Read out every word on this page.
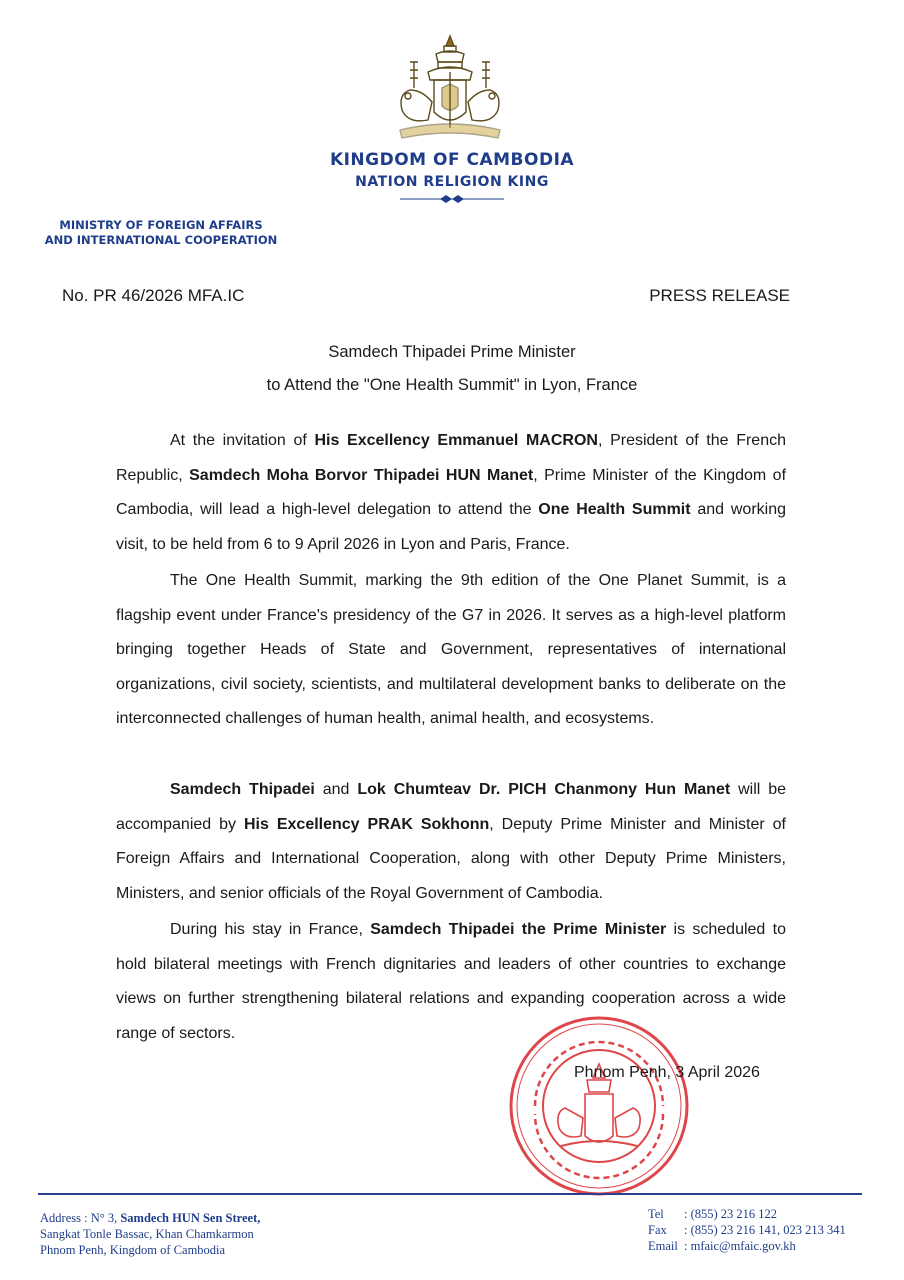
KINGDOM OF CAMBODIA
NATION RELIGION KING
MINISTRY OF FOREIGN AFFAIRS
AND INTERNATIONAL COOPERATION
No. PR 46/2026 MFA.IC	PRESS RELEASE
Samdech Thipadei Prime Minister
to Attend the "One Health Summit" in Lyon, France
At the invitation of His Excellency Emmanuel MACRON, President of the French Republic, Samdech Moha Borvor Thipadei HUN Manet, Prime Minister of the Kingdom of Cambodia, will lead a high-level delegation to attend the One Health Summit and working visit, to be held from 6 to 9 April 2026 in Lyon and Paris, France.
The One Health Summit, marking the 9th edition of the One Planet Summit, is a flagship event under France's presidency of the G7 in 2026. It serves as a high-level platform bringing together Heads of State and Government, representatives of international organizations, civil society, scientists, and multilateral development banks to deliberate on the interconnected challenges of human health, animal health, and ecosystems.
Samdech Thipadei and Lok Chumteav Dr. PICH Chanmony Hun Manet will be accompanied by His Excellency PRAK Sokhonn, Deputy Prime Minister and Minister of Foreign Affairs and International Cooperation, along with other Deputy Prime Ministers, Ministers, and senior officials of the Royal Government of Cambodia.
During his stay in France, Samdech Thipadei the Prime Minister is scheduled to hold bilateral meetings with French dignitaries and leaders of other countries to exchange views on further strengthening bilateral relations and expanding cooperation across a wide range of sectors.
Phnom Penh, 3 April 2026
Address : N° 3, Samdech HUN Sen Street,
Sangkat Tonle Bassac, Khan Chamkarmon
Phnom Penh, Kingdom of Cambodia
Tel	: (855) 23 216 122
Fax	: (855) 23 216 141, 023 213 341
Email : mfaic@mfaic.gov.kh
